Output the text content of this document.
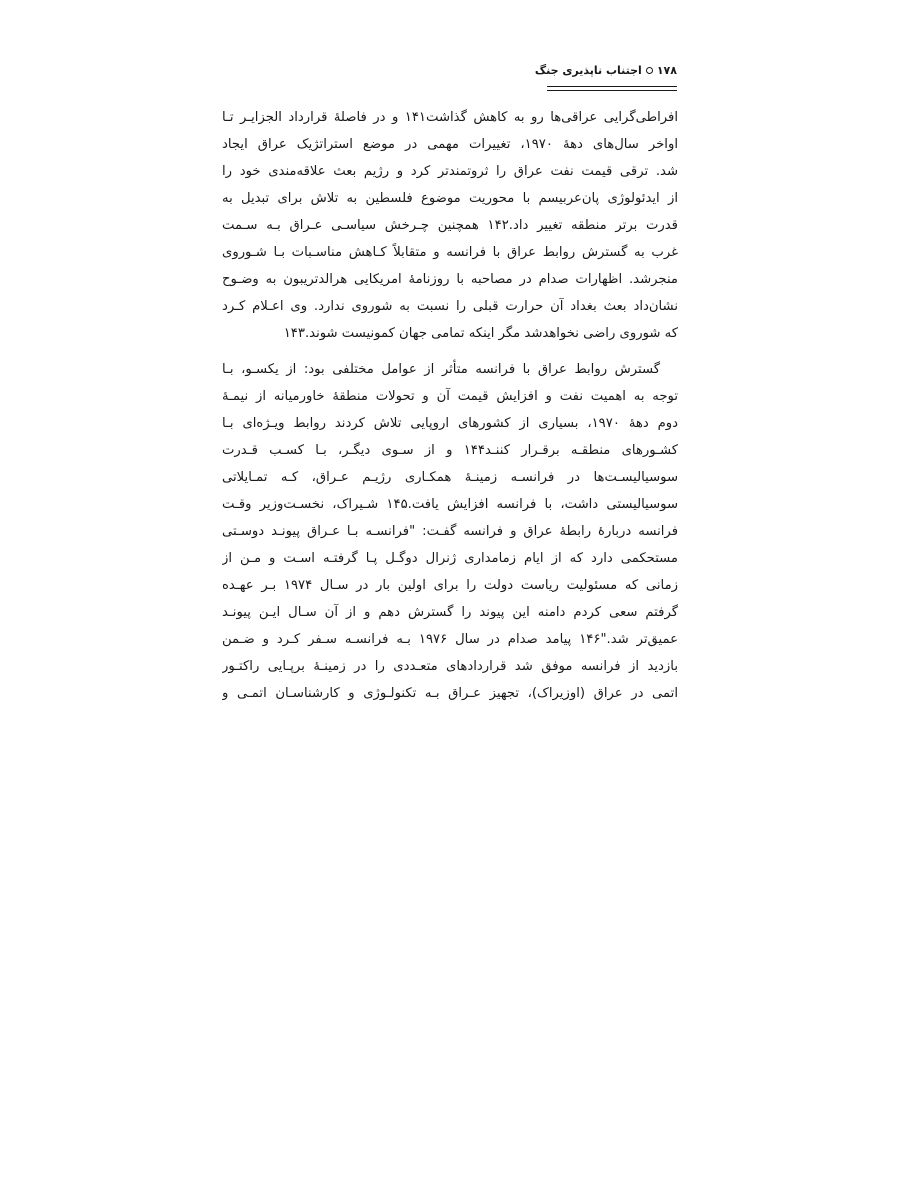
۱۷۸
اجتناب ناپذیری جنگ
افراطی‌گرایی عراقی‌ها رو به کاهش گذاشت۱۴۱ و در فاصلهٔ قرارداد الجزایـر تـا
اواخر سال‌های دههٔ ۱۹۷۰، تغییرات مهمی در موضع استراتژیک عراق ایجاد
شد. ترقی قیمت نفت عراق را ثروتمندتر کرد و رژیم بعث علاقه‌مندی خود را
از ایدئولوژی پان‌عربیسم با محوریت موضوع فلسطین به تلاش برای تبدیل به
قدرت برتر منطقه تغییر داد.۱۴۲ همچنین چـرخش سیاسـی عـراق بـه سـمت
غرب به گسترش روابط عراق با فرانسه و متقابلاً کـاهش مناسـبات بـا شـوروی
منجرشد. اظهارات صدام در مصاحبه با روزنامهٔ امریکایی هرالدتریبون به وضـوح
نشان‌داد بعث بغداد آن حرارت قبلی را نسبت به شوروی ندارد. وی اعـلام کـرد
که شوروی راضی نخواهدشد مگر اینکه تمامی جهان کمونیست شوند.۱۴۳
گسترش روابط عراق با فرانسه متأثر از عوامل مختلفی بود: از یکسـو، بـا
توجه به اهمیت نفت و افزایش قیمت آن و تحولات منطقهٔ خاورمیانه از نیمـهٔ
دوم دههٔ ۱۹۷۰، بسیاری از کشورهای اروپایی تلاش کردند روابط ویـژه‌ای بـا
کشـورهای منطقـه برقـرار کننـد۱۴۴ و از سـوی دیگـر، بـا کسـب قـدرت
سوسیالیسـت‌ها در فرانسـه زمینـهٔ همکـاری رژیـم عـراق، کـه تمـایلاتی
سوسیالیستی داشت، با فرانسه افزایش یافت.۱۴۵ شـیراک، نخسـت‌وزیر وقـت
فرانسه دربارهٔ رابطهٔ عراق و فرانسه گفـت: "فرانسـه بـا عـراق پیونـد دوسـتی
مستحکمی دارد که از ایام زمامداری ژنرال دوگـل پـا گرفتـه اسـت و مـن از
زمانی که مسئولیت ریاست دولت را برای اولین بار در سـال ۱۹۷۴ بـر عهـده
گرفتم سعی کردم دامنه این پیوند را گسترش دهم و از آن سـال ایـن پیونـد
عمیق‌تر شد."۱۴۶ پیامد صدام در سال ۱۹۷۶ بـه فرانسـه سـفر کـرد و ضـمن
بازدید از فرانسه موفق شد قراردادهای متعـددی را در زمینـهٔ برپـایی راکتـور
اتمی در عراق (اوزیراک)، تجهیز عـراق بـه تکنولـوژی و کارشناسـان اتمـی و
